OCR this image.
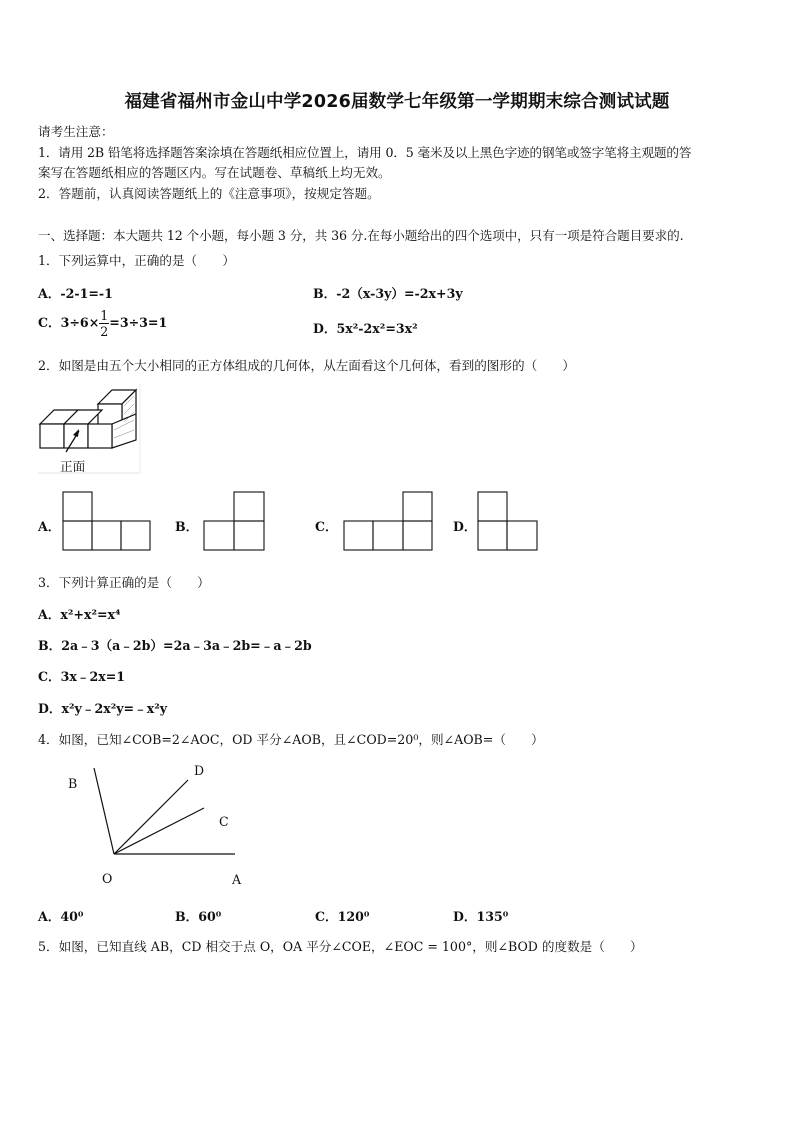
福建省福州市金山中学2026届数学七年级第一学期期末综合测试试题
请考生注意：
1．请用 2B 铅笔将选择题答案涂填在答题纸相应位置上，请用 0．5 毫米及以上黑色字迹的钢笔或签字笔将主观题的答
案写在答题纸相应的答题区内。写在试题卷、草稿纸上均无效。
2．答题前，认真阅读答题纸上的《注意事项》，按规定答题。
一、选择题：本大题共 12 个小题，每小题 3 分，共 36 分.在每小题给出的四个选项中，只有一项是符合题目要求的.
1．下列运算中，正确的是（　　）
A．-2-1=-1	B．-2（x-3y）=-2x+3y
C．$3\div 6\times \frac{1}{2} =3\div 3=1$	D．5x²-2x²=3x²
2．如图是由五个大小相同的正方体组成的几何体，从左面看这个几何体，看到的图形的（　　）
正面
A．	B．	C．	D．
3．下列计算正确的是（　　）
A．x²+x²=x⁴
B．2a﹣3（a﹣2b）=2a﹣3a﹣2b=﹣a﹣2b
C．3x﹣2x=1
D．x²y﹣2x²y=﹣x²y
4．如图，已知∠COB=2∠AOC，OD 平分∠AOB，且∠COD=20⁰，则∠AOB=（　　）
B
D
C
O	A
A．40⁰	B．60⁰	C．120⁰	D．135⁰
5．如图，已知直线 AB，CD 相交于点 O，OA 平分∠COE，∠EOC = 100°，则∠BOD 的度数是（　　）
